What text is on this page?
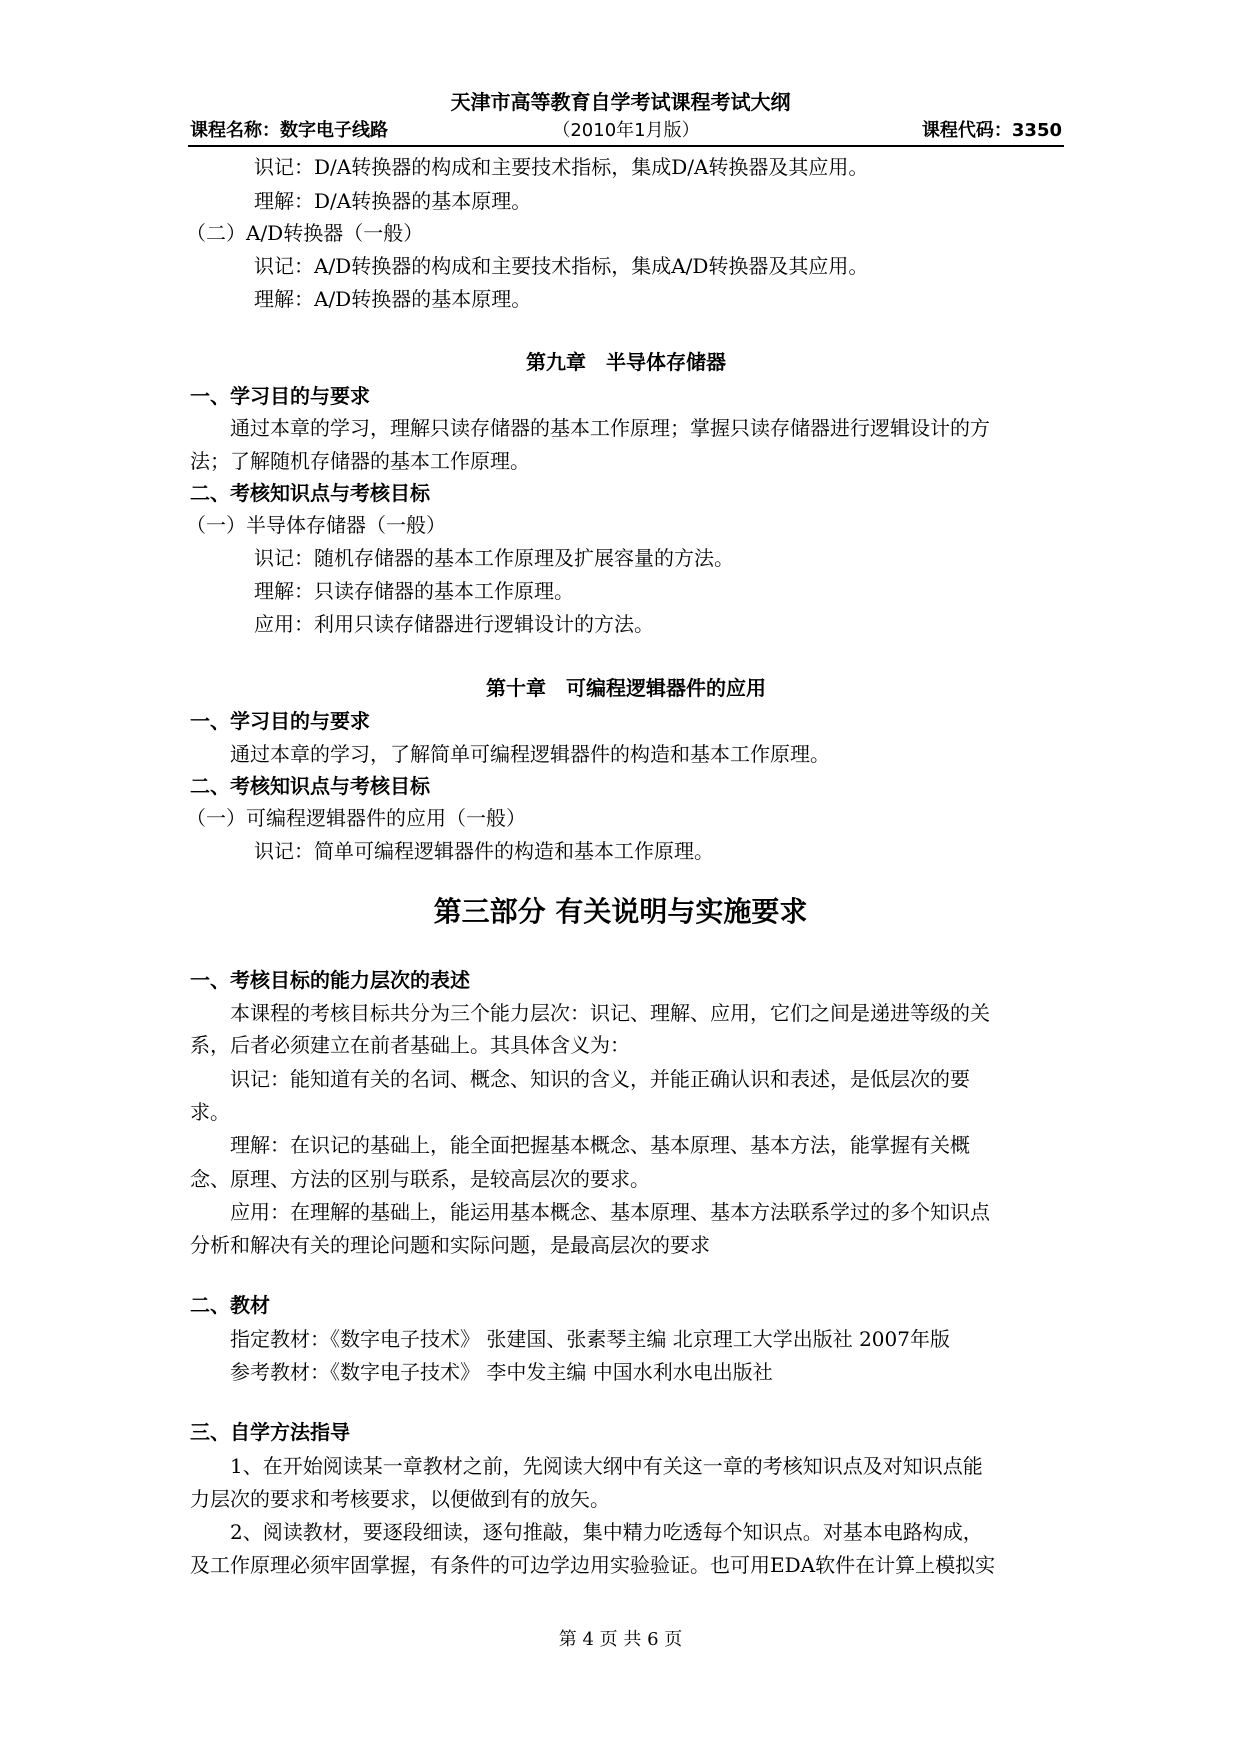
天津市高等教育自学考试课程考试大纲
课程名称：数字电子线路	（2010年1月版）	课程代码：3350
识记：D/A转换器的构成和主要技术指标，集成D/A转换器及其应用。
理解：D/A转换器的基本原理。
（二）A/D转换器（一般）
识记：A/D转换器的构成和主要技术指标，集成A/D转换器及其应用。
理解：A/D转换器的基本原理。
第九章　半导体存储器
一、学习目的与要求
通过本章的学习，理解只读存储器的基本工作原理；掌握只读存储器进行逻辑设计的方
法；了解随机存储器的基本工作原理。
二、考核知识点与考核目标
（一）半导体存储器（一般）
识记：随机存储器的基本工作原理及扩展容量的方法。
理解：只读存储器的基本工作原理。
应用：利用只读存储器进行逻辑设计的方法。
第十章　可编程逻辑器件的应用
一、学习目的与要求
通过本章的学习，了解简单可编程逻辑器件的构造和基本工作原理。
二、考核知识点与考核目标
（一）可编程逻辑器件的应用（一般）
识记：简单可编程逻辑器件的构造和基本工作原理。
第三部分 有关说明与实施要求
一、考核目标的能力层次的表述
本课程的考核目标共分为三个能力层次：识记、理解、应用，它们之间是递进等级的关
系，后者必须建立在前者基础上。其具体含义为：
识记：能知道有关的名词、概念、知识的含义，并能正确认识和表述，是低层次的要
求。
理解：在识记的基础上，能全面把握基本概念、基本原理、基本方法，能掌握有关概
念、原理、方法的区别与联系，是较高层次的要求。
应用：在理解的基础上，能运用基本概念、基本原理、基本方法联系学过的多个知识点
分析和解决有关的理论问题和实际问题，是最高层次的要求
二、教材
指定教材：《数字电子技术》 张建国、张素琴主编 北京理工大学出版社 2007年版
参考教材：《数字电子技术》 李中发主编 中国水利水电出版社
三、自学方法指导
1、在开始阅读某一章教材之前，先阅读大纲中有关这一章的考核知识点及对知识点能
力层次的要求和考核要求，以便做到有的放矢。
2、阅读教材，要逐段细读，逐句推敲，集中精力吃透每个知识点。对基本电路构成，
及工作原理必须牢固掌握，有条件的可边学边用实验验证。也可用EDA软件在计算上模拟实
第 4 页 共 6 页
